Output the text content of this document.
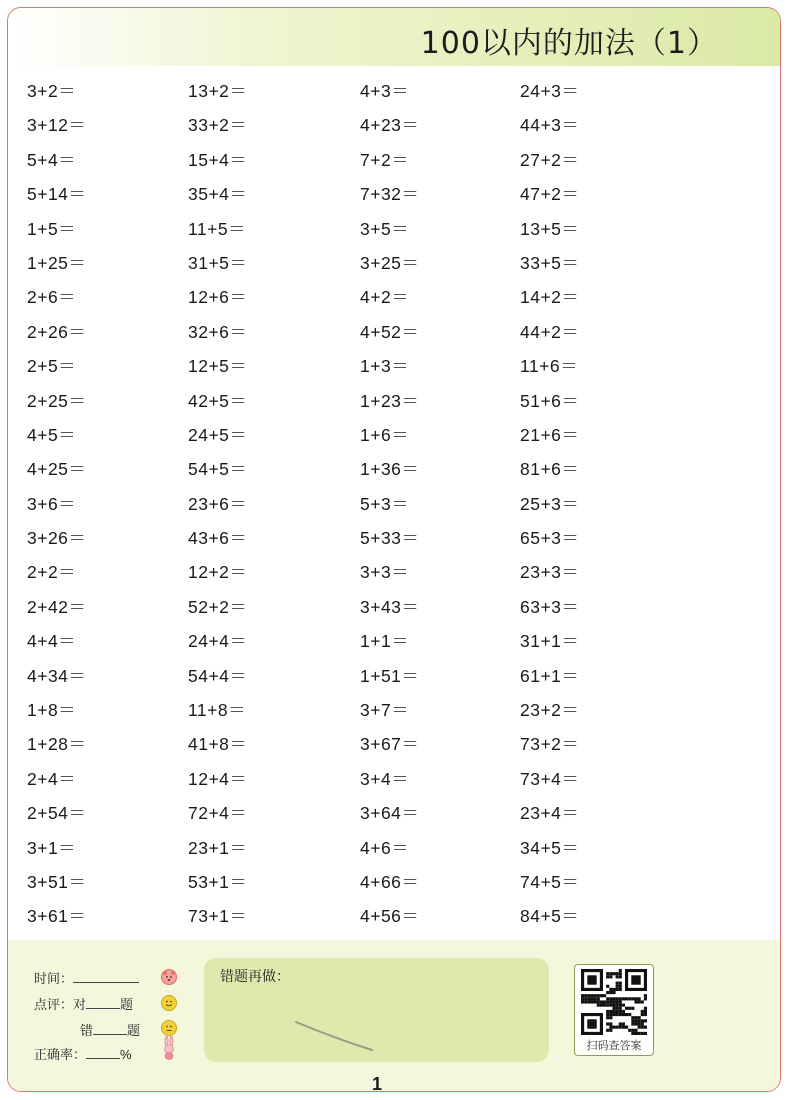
100以内的加法（1）
3+2＝	13+2＝	4+3＝	24+3＝
3+12＝	33+2＝	4+23＝	44+3＝
5+4＝	15+4＝	7+2＝	27+2＝
5+14＝	35+4＝	7+32＝	47+2＝
1+5＝	11+5＝	3+5＝	13+5＝
1+25＝	31+5＝	3+25＝	33+5＝
2+6＝	12+6＝	4+2＝	14+2＝
2+26＝	32+6＝	4+52＝	44+2＝
2+5＝	12+5＝	1+3＝	11+6＝
2+25＝	42+5＝	1+23＝	51+6＝
4+5＝	24+5＝	1+6＝	21+6＝
4+25＝	54+5＝	1+36＝	81+6＝
3+6＝	23+6＝	5+3＝	25+3＝
3+26＝	43+6＝	5+33＝	65+3＝
2+2＝	12+2＝	3+3＝	23+3＝
2+42＝	52+2＝	3+43＝	63+3＝
4+4＝	24+4＝	1+1＝	31+1＝
4+34＝	54+4＝	1+51＝	61+1＝
1+8＝	11+8＝	3+7＝	23+2＝
1+28＝	41+8＝	3+67＝	73+2＝
2+4＝	12+4＝	3+4＝	73+4＝
2+54＝	72+4＝	3+64＝	23+4＝
3+1＝	23+1＝	4+6＝	34+5＝
3+51＝	53+1＝	4+66＝	74+5＝
3+61＝	73+1＝	4+56＝	84+5＝
时间：
点评：对	题
错	题
正确率：	%
错题再做：
扫码查答案
1
